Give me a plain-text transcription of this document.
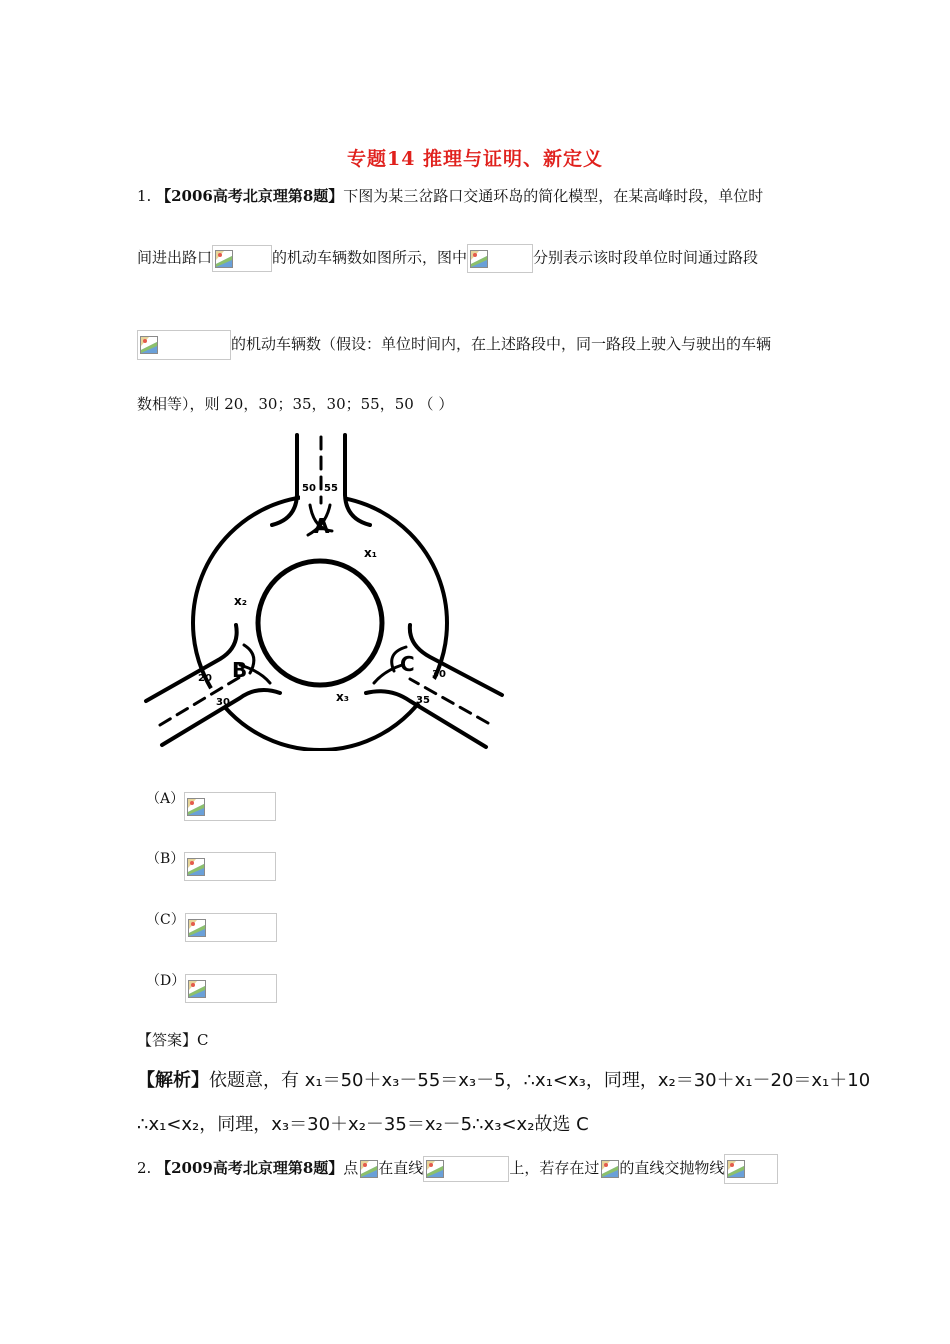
专题14 推理与证明、新定义
1. 【2006高考北京理第8题】下图为某三岔路口交通环岛的简化模型，在某高峰时段，单位时
间进出路口	的机动车辆数如图所示，图中	分别表示该时段单位时间通过路段
的机动车辆数（假设：单位时间内，在上述路段中，同一路段上驶入与驶出的车辆
数相等），则 20，30；35，30；55，50 （ ）
A
B	C
x₁
x₂
x₃
50 55
20
30
30
35
（A）
（B）
（C）
（D）
【答案】C
【解析】依题意，有 x₁＝50＋x₃－55＝x₃－5，∴x₁<x₃，同理，x₂＝30＋x₁－20＝x₁＋10
∴x₁<x₂，同理，x₃＝30＋x₂－35＝x₂－5∴x₃<x₂故选 C
2. 【2009高考北京理第8题】点 在直线	上，若存在过 的直线交抛物线
